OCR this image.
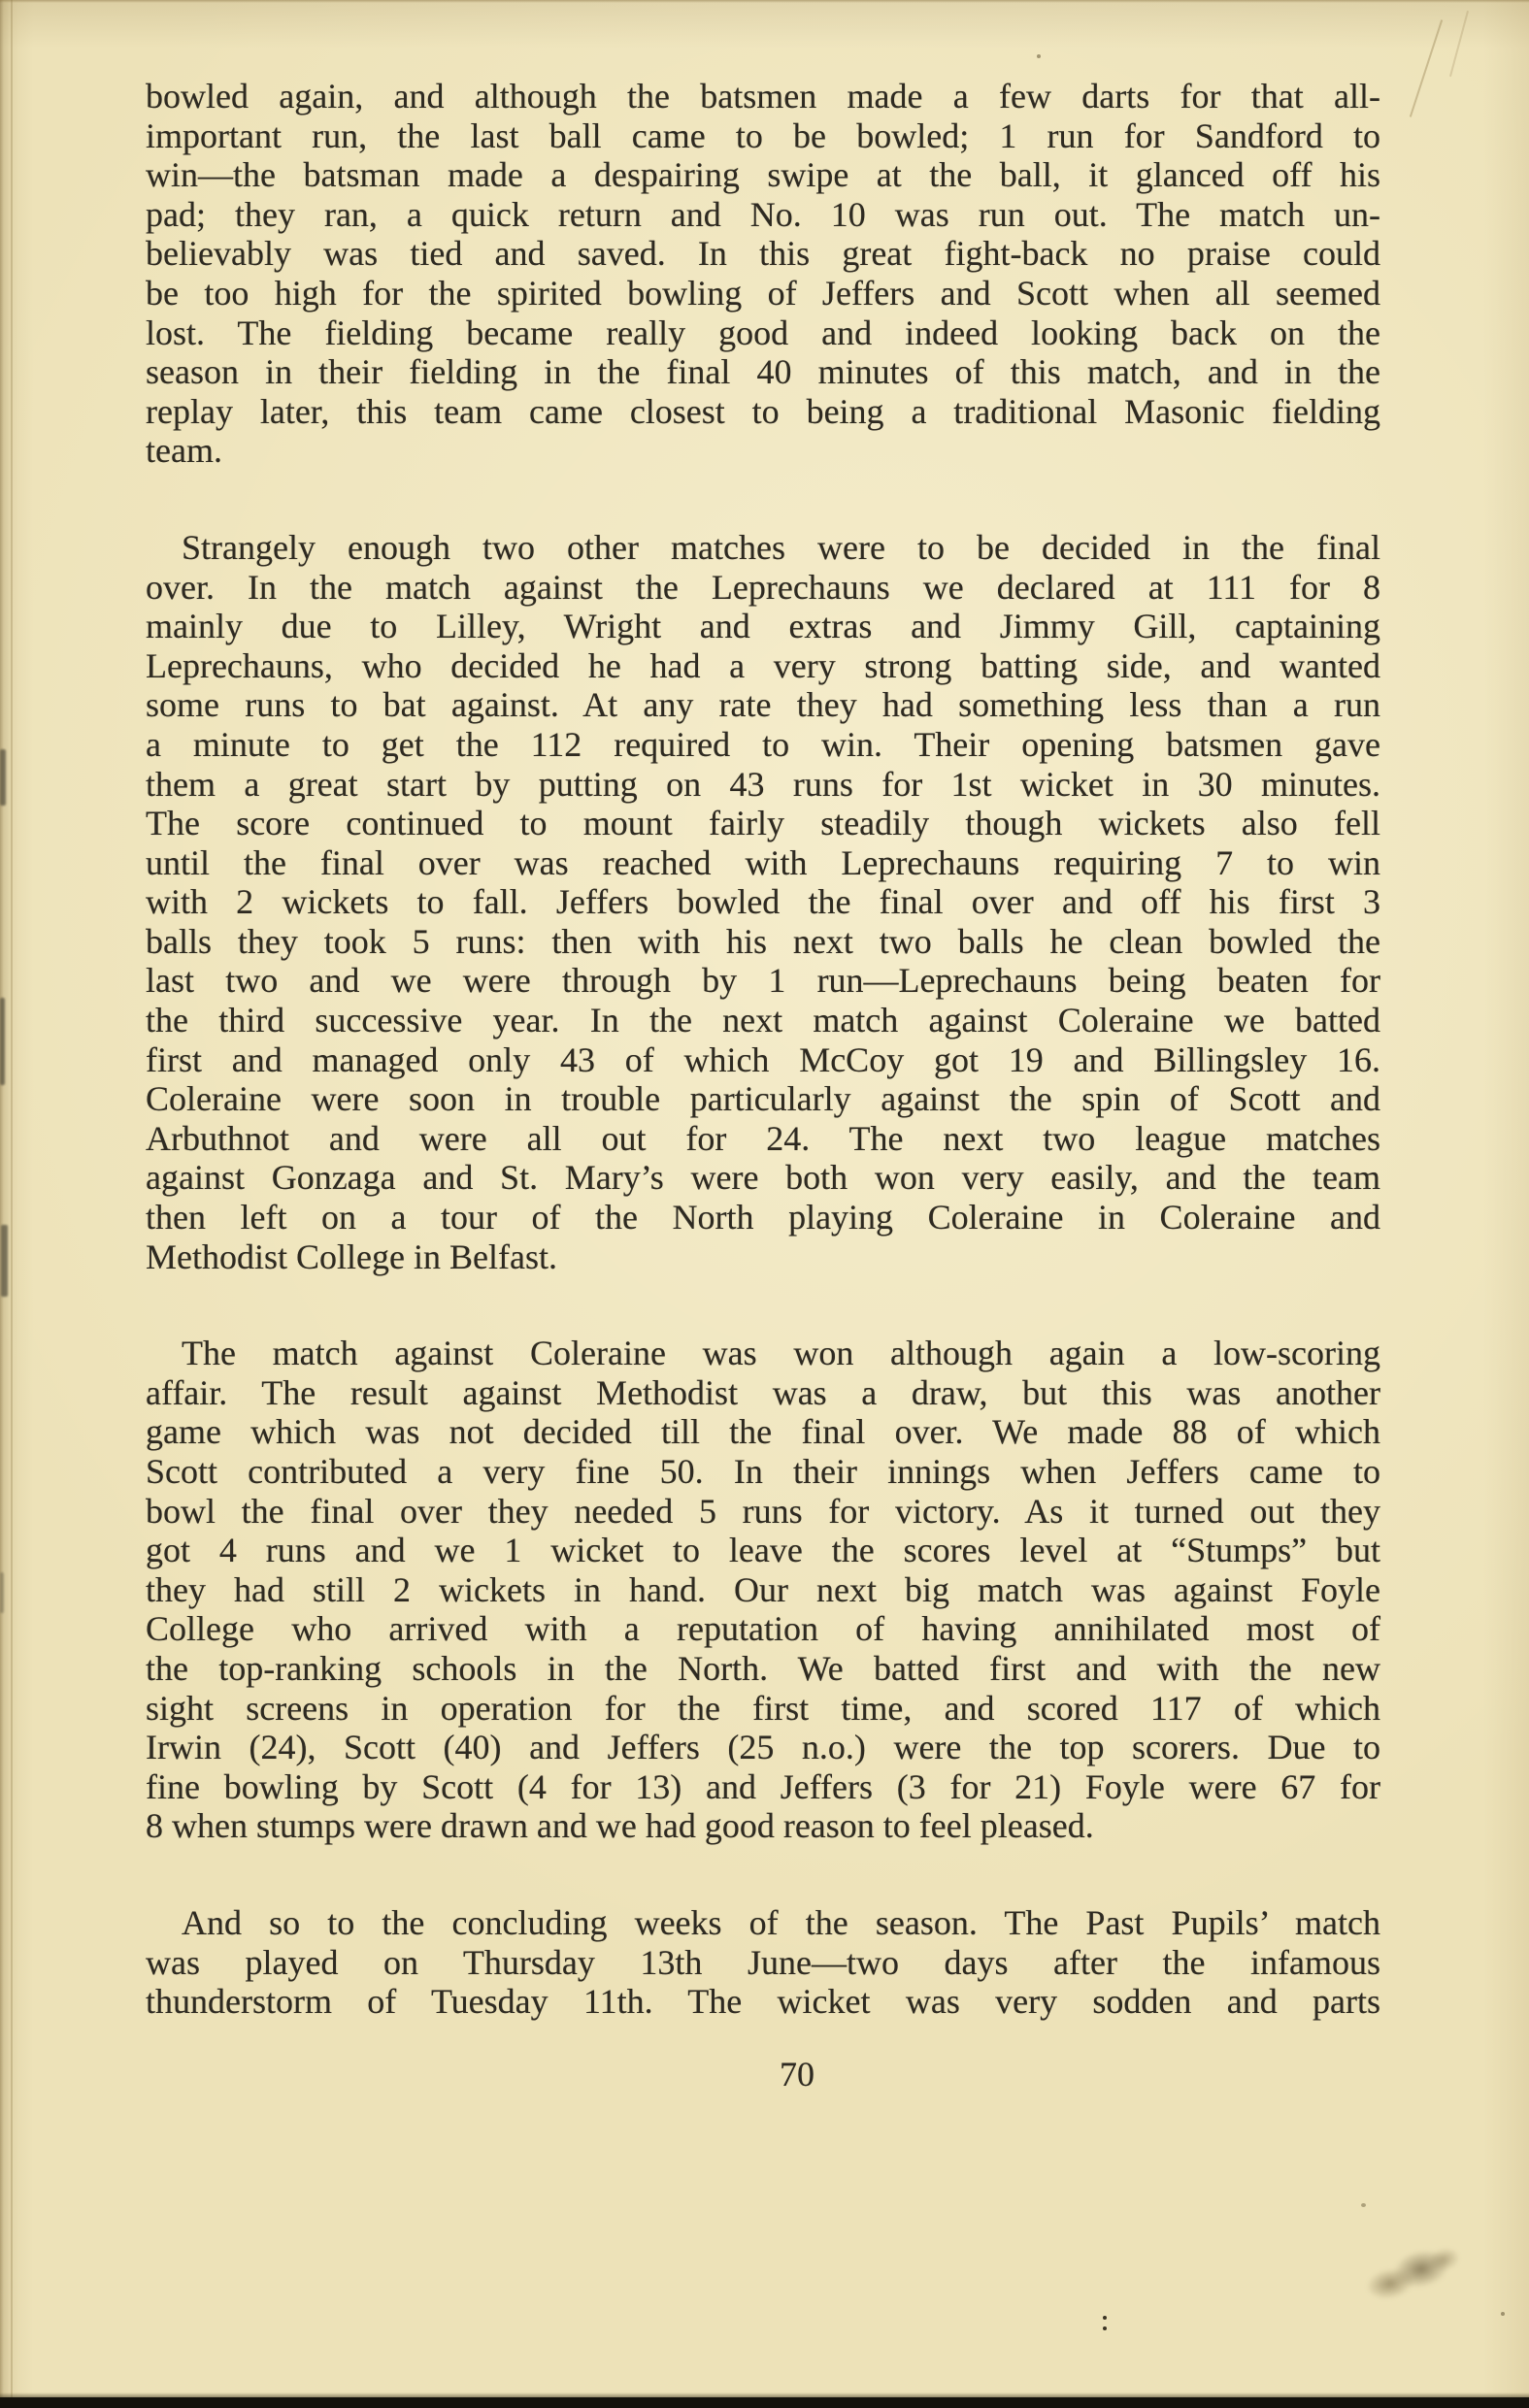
bowled again, and although the batsmen made a few darts for that all-
important run, the last ball came to be bowled; 1 run for Sandford to
win—the batsman made a despairing swipe at the ball, it glanced off his
pad; they ran, a quick return and No. 10 was run out. The match un-
believably was tied and saved. In this great fight-back no praise could
be too high for the spirited bowling of Jeffers and Scott when all seemed
lost. The fielding became really good and indeed looking back on the
season in their fielding in the final 40 minutes of this match, and in the
replay later, this team came closest to being a traditional Masonic fielding
team.
Strangely enough two other matches were to be decided in the final
over. In the match against the Leprechauns we declared at 111 for 8
mainly due to Lilley, Wright and extras and Jimmy Gill, captaining
Leprechauns, who decided he had a very strong batting side, and wanted
some runs to bat against. At any rate they had something less than a run
a minute to get the 112 required to win. Their opening batsmen gave
them a great start by putting on 43 runs for 1st wicket in 30 minutes.
The score continued to mount fairly steadily though wickets also fell
until the final over was reached with Leprechauns requiring 7 to win
with 2 wickets to fall. Jeffers bowled the final over and off his first 3
balls they took 5 runs: then with his next two balls he clean bowled the
last two and we were through by 1 run—Leprechauns being beaten for
the third successive year. In the next match against Coleraine we batted
first and managed only 43 of which McCoy got 19 and Billingsley 16.
Coleraine were soon in trouble particularly against the spin of Scott and
Arbuthnot and were all out for 24. The next two league matches
against Gonzaga and St. Mary’s were both won very easily, and the team
then left on a tour of the North playing Coleraine in Coleraine and
Methodist College in Belfast.
The match against Coleraine was won although again a low-scoring
affair. The result against Methodist was a draw, but this was another
game which was not decided till the final over. We made 88 of which
Scott contributed a very fine 50. In their innings when Jeffers came to
bowl the final over they needed 5 runs for victory. As it turned out they
got 4 runs and we 1 wicket to leave the scores level at “Stumps” but
they had still 2 wickets in hand. Our next big match was against Foyle
College who arrived with a reputation of having annihilated most of
the top-ranking schools in the North. We batted first and with the new
sight screens in operation for the first time, and scored 117 of which
Irwin (24), Scott (40) and Jeffers (25 n.o.) were the top scorers. Due to
fine bowling by Scott (4 for 13) and Jeffers (3 for 21) Foyle were 67 for
8 when stumps were drawn and we had good reason to feel pleased.
And so to the concluding weeks of the season. The Past Pupils’ match
was played on Thursday 13th June—two days after the infamous
thunderstorm of Tuesday 11th. The wicket was very sodden and parts
70
